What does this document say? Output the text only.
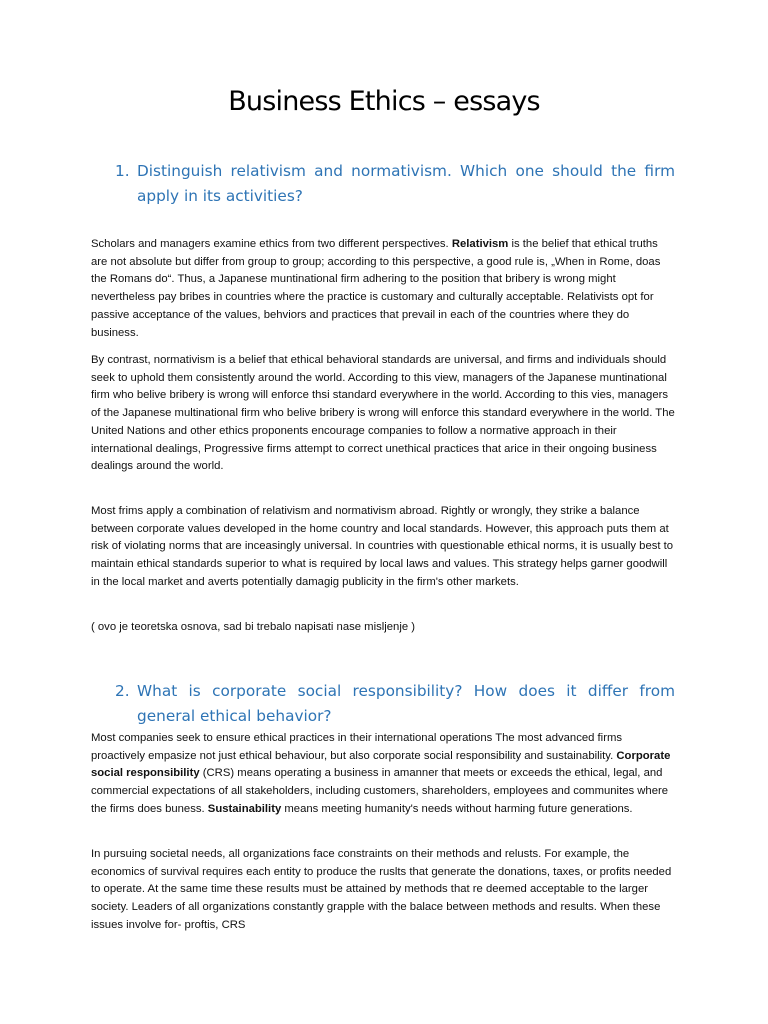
Business Ethics – essays
1. Distinguish relativism and normativism. Which one should the firm apply in its activities?

Scholars and managers examine ethics from two different perspectives. Relativism is the belief that ethical truths are not absolute but differ from group to group; according to this perspective, a good rule is, „When in Rome, doas the Romans do“. Thus, a Japanese muntinational firm adhering to the position that bribery is wrong might nevertheless pay bribes in countries where the practice is customary and culturally acceptable. Relativists opt for passive acceptance of the values, behviors and practices that prevail in each of the countries where they do business.

By contrast, normativism is a belief that ethical behavioral standards are universal, and firms and individuals should seek to uphold them consistently around the world. According to this view, managers of the Japanese muntinational firm who belive bribery is wrong will enforce thsi standard everywhere in the world. According to this vies, managers of the Japanese multinational firm who belive bribery is wrong will enforce this standard everywhere in the world. The United Nations and other ethics proponents encourage companies to follow a normative approach in their international dealings, Progressive firms attempt to correct unethical practices that arice in their ongoing business dealings around the world.

Most frims apply a combination of relativism and normativism abroad. Rightly or wrongly, they strike a balance between corporate values developed in the home country and local standards. However, this approach puts them at risk of violating norms that are inceasingly universal. In countries with questionable ethical norms, it is usually best to maintain ethical standards superior to what is required by local laws and values. This strategy helps garner goodwill in the local market and averts potentially damagig publicity in the firm's other markets.

( ovo je teoretska osnova, sad bi trebalo napisati nase misljenje )

2. What is corporate social responsibility? How does it differ from general ethical behavior?

Most companies seek to ensure ethical practices in their international operations The most advanced firms proactively empasize not just ethical behaviour, but also corporate social responsibility and sustainability. Corporate social responsibility (CRS) means operating a business in amanner that meets or exceeds the ethical, legal, and commercial expectations of all stakeholders, including customers, shareholders, employees and communites where the firms does buness. Sustainability means meeting humanity's needs without harming future generations.

In pursuing societal needs, all organizations face constraints on their methods and relusts. For example, the economics of survival requires each entity to produce the ruslts that generate the donations, taxes, or profits needed to operate. At the same time these results must be attained by methods that re deemed acceptable to the larger society. Leaders of all organizations constantly grapple with the balace between methods and results. When these issues involve for- proftis, CRS
